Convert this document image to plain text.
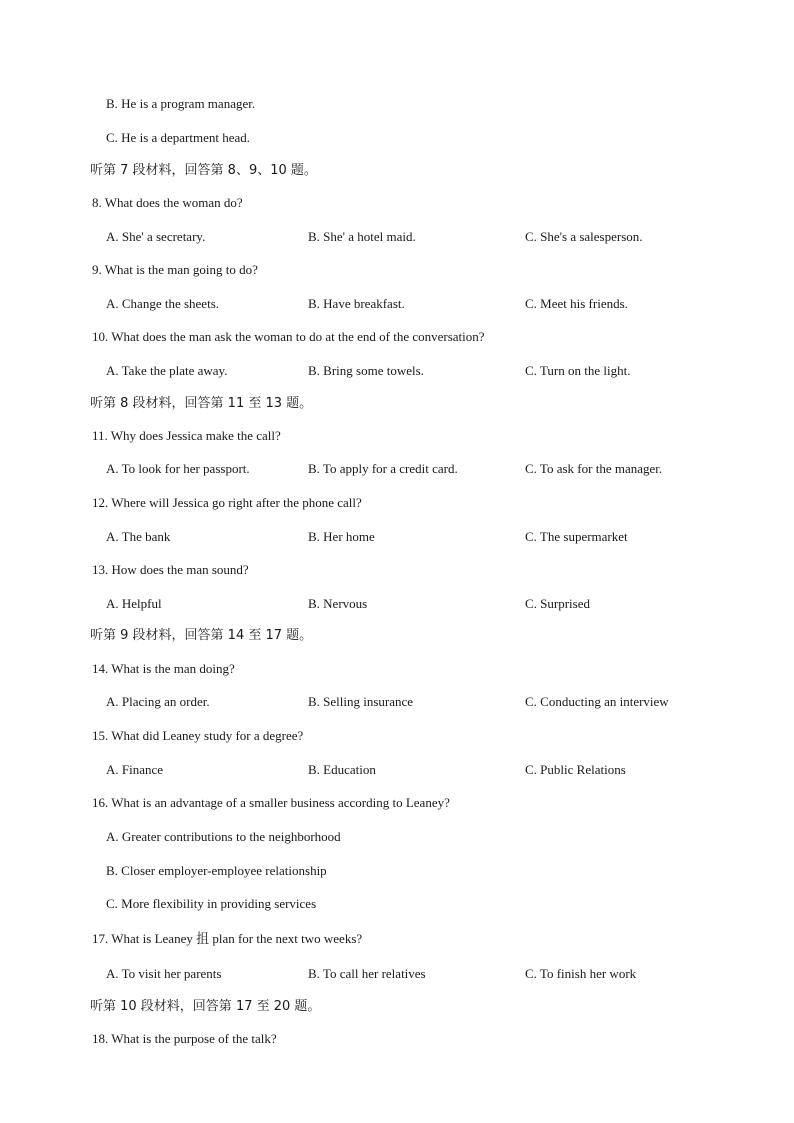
B. He is a program manager.
C. He is a department head.
听第 7 段材料，回答第 8、9、10 题。
8. What does the woman do?
A. She' a secretary.	B. She' a hotel maid.	C. She's a salesperson.
9. What is the man going to do?
A. Change the sheets.	B. Have breakfast.	C. Meet his friends.
10. What does the man ask the woman to do at the end of the conversation?
A. Take the plate away.	B. Bring some towels.	C. Turn on the light.
听第 8 段材料，回答第 11 至 13 题。
11. Why does Jessica make the call?
A. To look for her passport.	B. To apply for a credit card.	C. To ask for the manager.
12. Where will Jessica go right after the phone call?
A. The bank	B. Her home	C. The supermarket
13. How does the man sound?
A. Helpful	B. Nervous	C. Surprised
听第 9 段材料，回答第 14 至 17 题。
14. What is the man doing?
A. Placing an order.	B. Selling insurance	C. Conducting an interview
15. What did Leaney study for a degree?
A. Finance	B. Education	C. Public Relations
16. What is an advantage of a smaller business according to Leaney?
A. Greater contributions to the neighborhood
B. Closer employer-employee relationship
C. More flexibility in providing services
17. What is Leaney 抯 plan for the next two weeks?
A. To visit her parents	B. To call her relatives	C. To finish her work
听第 10 段材料，回答第 17 至 20 题。
18. What is the purpose of the talk?
